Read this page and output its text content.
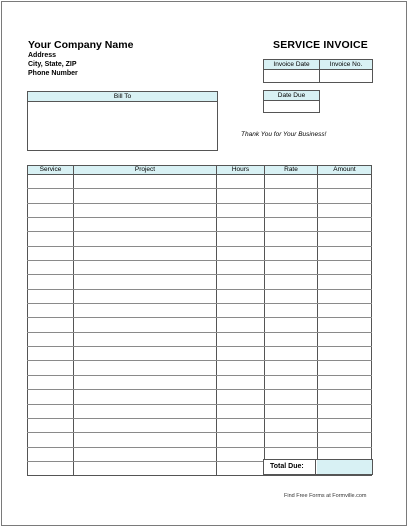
Your Company Name
Address
City, State, ZIP
Phone Number
SERVICE INVOICE
Invoice Date	Invoice No.
Date Due
Bill To
Thank You for Your Business!
Service	Project	Hours	Rate	Amount

Total Due:
Find Free Forms at Formville.com
